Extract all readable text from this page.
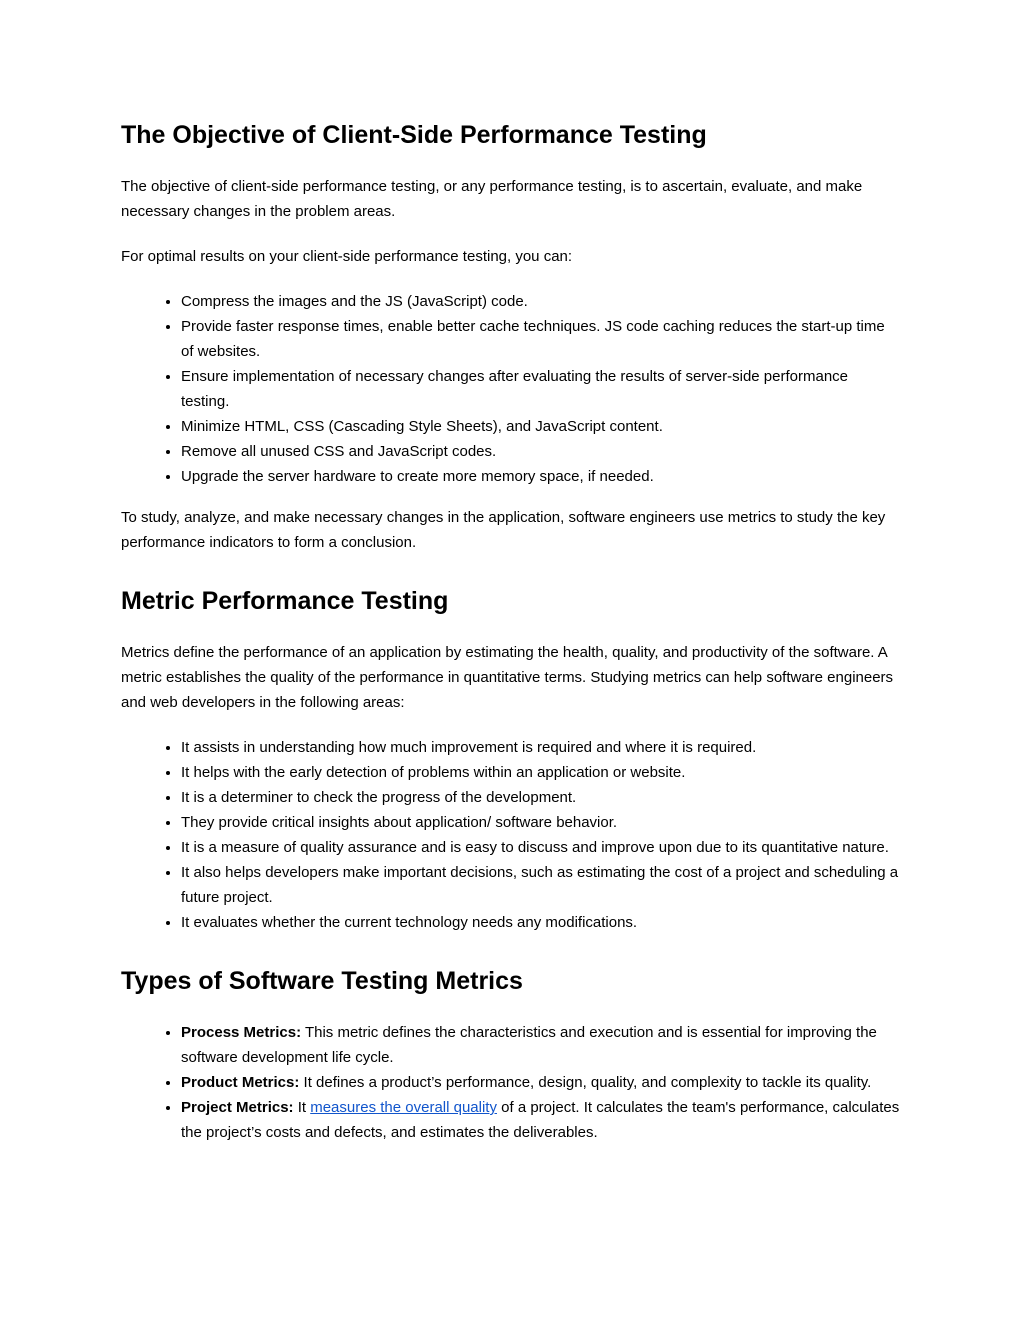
The Objective of Client-Side Performance Testing

The objective of client-side performance testing, or any performance testing, is to ascertain, evaluate, and make necessary changes in the problem areas.

For optimal results on your client-side performance testing, you can:

• Compress the images and the JS (JavaScript) code.
• Provide faster response times, enable better cache techniques. JS code caching reduces the start-up time of websites.
• Ensure implementation of necessary changes after evaluating the results of server-side performance testing.
• Minimize HTML, CSS (Cascading Style Sheets), and JavaScript content.
• Remove all unused CSS and JavaScript codes.
• Upgrade the server hardware to create more memory space, if needed.

To study, analyze, and make necessary changes in the application, software engineers use metrics to study the key performance indicators to form a conclusion.

Metric Performance Testing

Metrics define the performance of an application by estimating the health, quality, and productivity of the software. A metric establishes the quality of the performance in quantitative terms. Studying metrics can help software engineers and web developers in the following areas:

• It assists in understanding how much improvement is required and where it is required.
• It helps with the early detection of problems within an application or website.
• It is a determiner to check the progress of the development.
• They provide critical insights about application/ software behavior.
• It is a measure of quality assurance and is easy to discuss and improve upon due to its quantitative nature.
• It also helps developers make important decisions, such as estimating the cost of a project and scheduling a future project.
• It evaluates whether the current technology needs any modifications.
Types of Software Testing Metrics
• Process Metrics: This metric defines the characteristics and execution and is essential for improving the software development life cycle.
• Product Metrics: It defines a product’s performance, design, quality, and complexity to tackle its quality.
• Project Metrics: It measures the overall quality of a project. It calculates the team's performance, calculates the project’s costs and defects, and estimates the deliverables.
